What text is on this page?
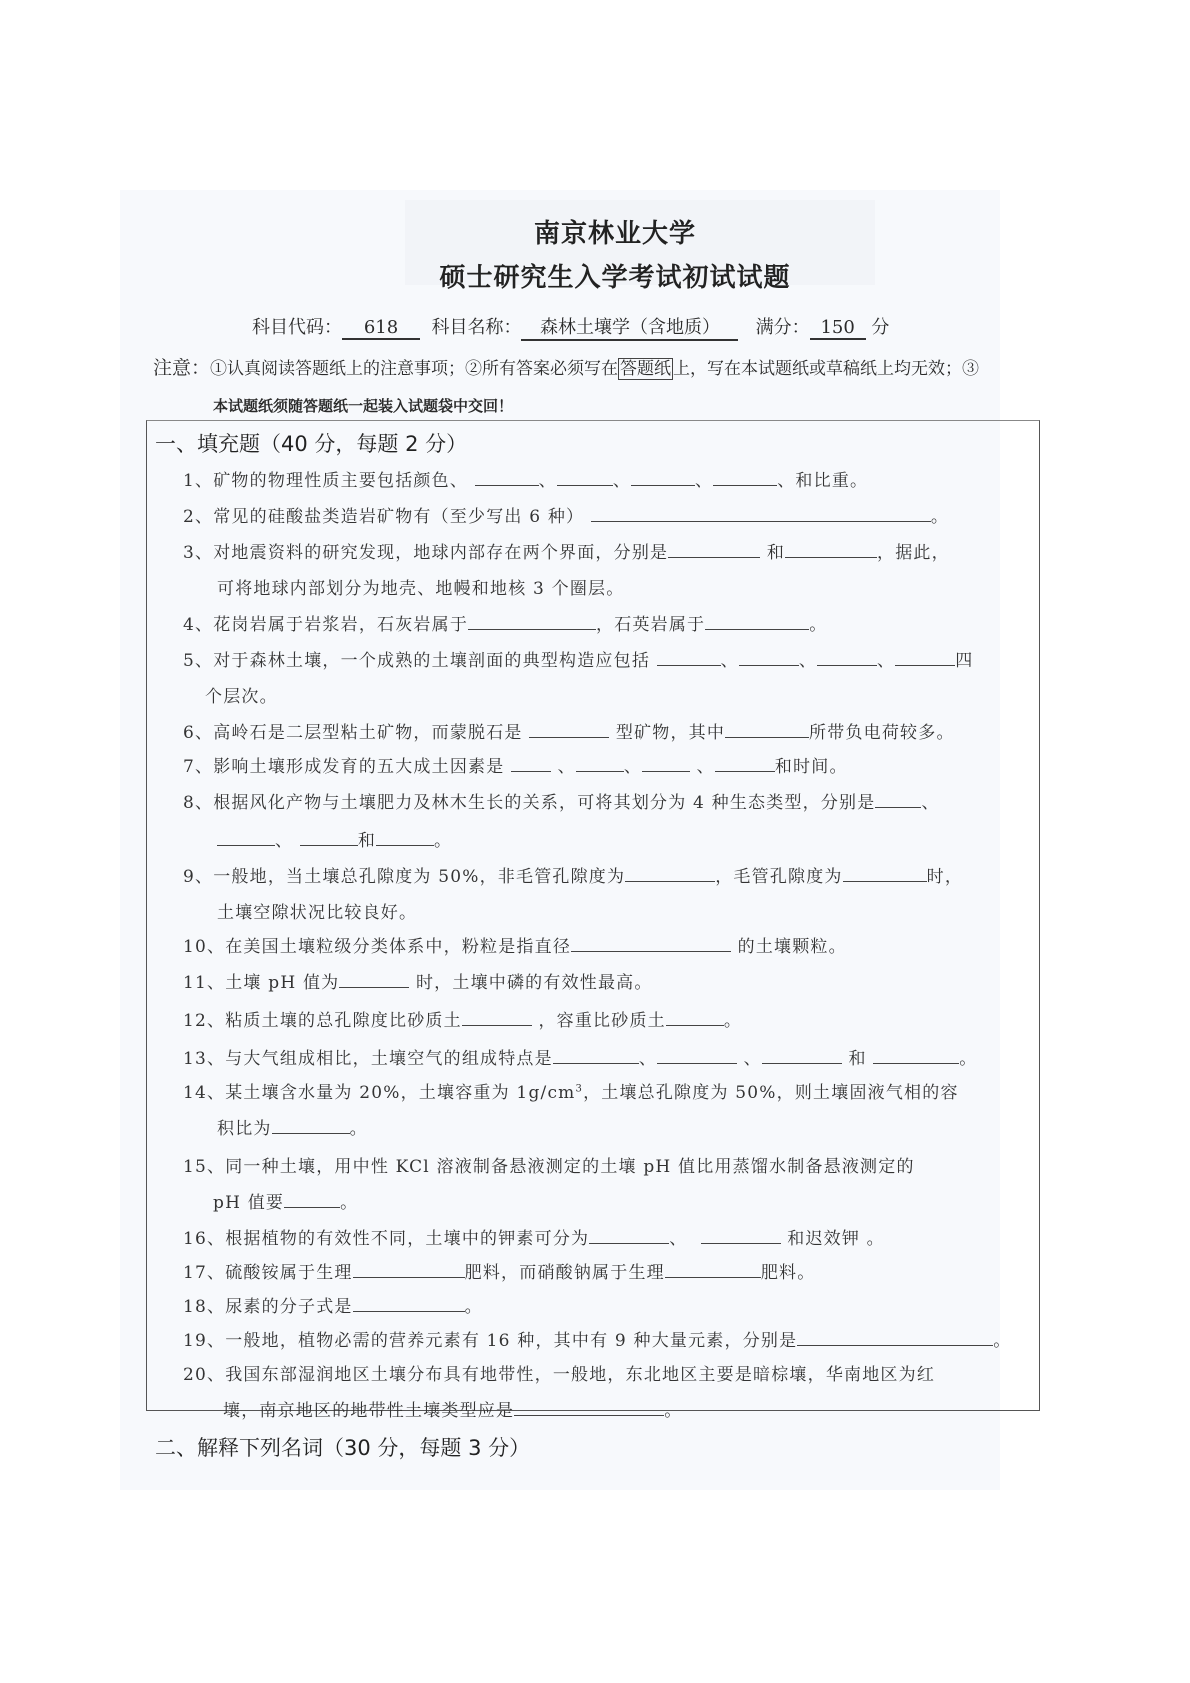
南京林业大学
硕士研究生入学考试初试试题
科目代码： 618 科目名称： 森林土壤学（含地质） 满分： 150 分
注意：①认真阅读答题纸上的注意事项；②所有答案必须写在 答题纸 上，写在本试题纸或草稿纸上均无效；③
本试题纸须随答题纸一起装入试题袋中交回！
一、填充题（40 分，每题 2 分）
1、矿物的物理性质主要包括颜色、	、	、	、	、和比重。
2、常见的硅酸盐类造岩矿物有（至少写出 6 种）	。
3、对地震资料的研究发现，地球内部存在两个界面，分别是	和	，据此，
可将地球内部划分为地壳、地幔和地核 3 个圈层。
4、花岗岩属于岩浆岩，石灰岩属于	，石英岩属于	。
5、对于森林土壤，一个成熟的土壤剖面的典型构造应包括	、	、	、	四
个层次。
6、高岭石是二层型粘土矿物，而蒙脱石是	型矿物，其中	所带负电荷较多。
7、影响土壤形成发育的五大成土因素是	、	、	、	和时间。
8、根据风化产物与土壤肥力及林木生长的关系，可将其划分为 4 种生态类型，分别是	、
、	和	。
9、一般地，当土壤总孔隙度为 50%，非毛管孔隙度为	，毛管孔隙度为	时，
土壤空隙状况比较良好。
10、在美国土壤粒级分类体系中，粉粒是指直径	的土壤颗粒。
11、土壤 pH 值为	时，土壤中磷的有效性最高。
12、粘质土壤的总孔隙度比砂质土	，容重比砂质土	。
13、与大气组成相比，土壤空气的组成特点是	、	、	和	。
14、某土壤含水量为 20%，土壤容重为 $1g/cm^3$，土壤总孔隙度为 50%，则土壤固液气相的容
积比为	。
15、同一种土壤，用中性 KCl 溶液制备悬液测定的土壤 pH 值比用蒸馏水制备悬液测定的
pH 值要	。
16、根据植物的有效性不同，土壤中的钾素可分为	、	和迟效钾 。
17、硫酸铵属于生理	肥料，而硝酸钠属于生理	肥料。
18、尿素的分子式是	。
19、一般地，植物必需的营养元素有 16 种，其中有 9 种大量元素，分别是	。
20、我国东部湿润地区土壤分布具有地带性，一般地，东北地区主要是暗棕壤，华南地区为红
壤，南京地区的地带性土壤类型应是	。
二、解释下列名词（30 分，每题 3 分）
